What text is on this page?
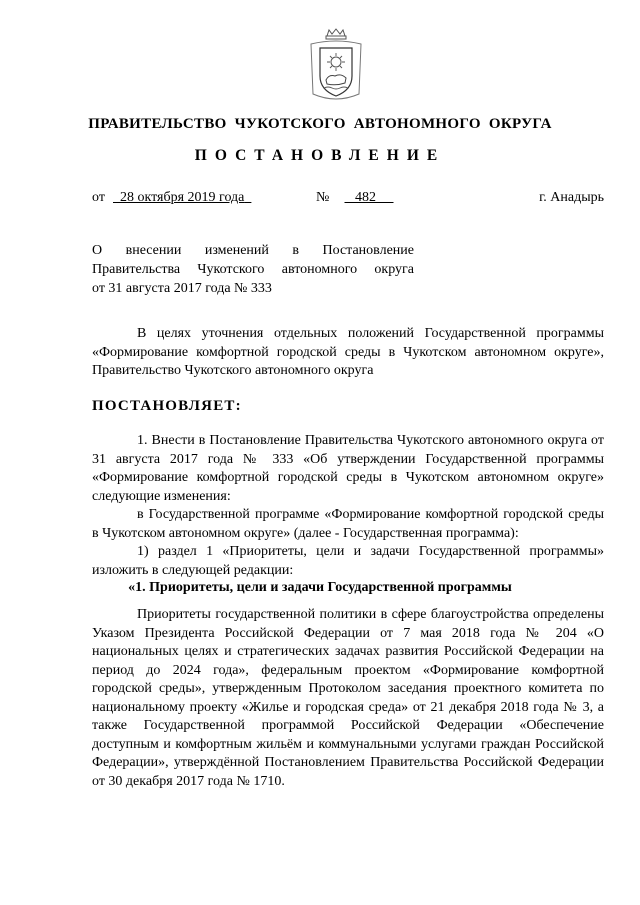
ПРАВИТЕЛЬСТВО ЧУКОТСКОГО АВТОНОМНОГО ОКРУГА
ПОСТАНОВЛЕНИЕ
от	28 октября 2019 года	№	482	г. Анадырь
О внесении изменений в Постановление
Правительства Чукотского автономного округа
от 31 августа 2017 года № 333
В целях уточнения отдельных положений Государственной программы «Формирование комфортной городской среды в Чукотском автономном округе», Правительство Чукотского автономного округа
ПОСТАНОВЛЯЕТ:
1. Внести в Постановление Правительства Чукотского автономного округа от 31 августа 2017 года № 333 «Об утверждении Государственной программы «Формирование комфортной городской среды в Чукотском автономном округе» следующие изменения:
в Государственной программе «Формирование комфортной городской среды в Чукотском автономном округе» (далее - Государственная программа):
1) раздел 1 «Приоритеты, цели и задачи Государственной программы» изложить в следующей редакции:
«1. Приоритеты, цели и задачи Государственной программы
Приоритеты государственной политики в сфере благоустройства определены Указом Президента Российской Федерации от 7 мая 2018 года № 204 «О национальных целях и стратегических задачах развития Российской Федерации на период до 2024 года», федеральным проектом «Формирование комфортной городской среды», утвержденным Протоколом заседания проектного комитета по национальному проекту «Жилье и городская среда» от 21 декабря 2018 года № 3, а также Государственной программой Российской Федерации «Обеспечение доступным и комфортным жильём и коммунальными услугами граждан Российской Федерации», утверждённой Постановлением Правительства Российской Федерации от 30 декабря 2017 года № 1710.
